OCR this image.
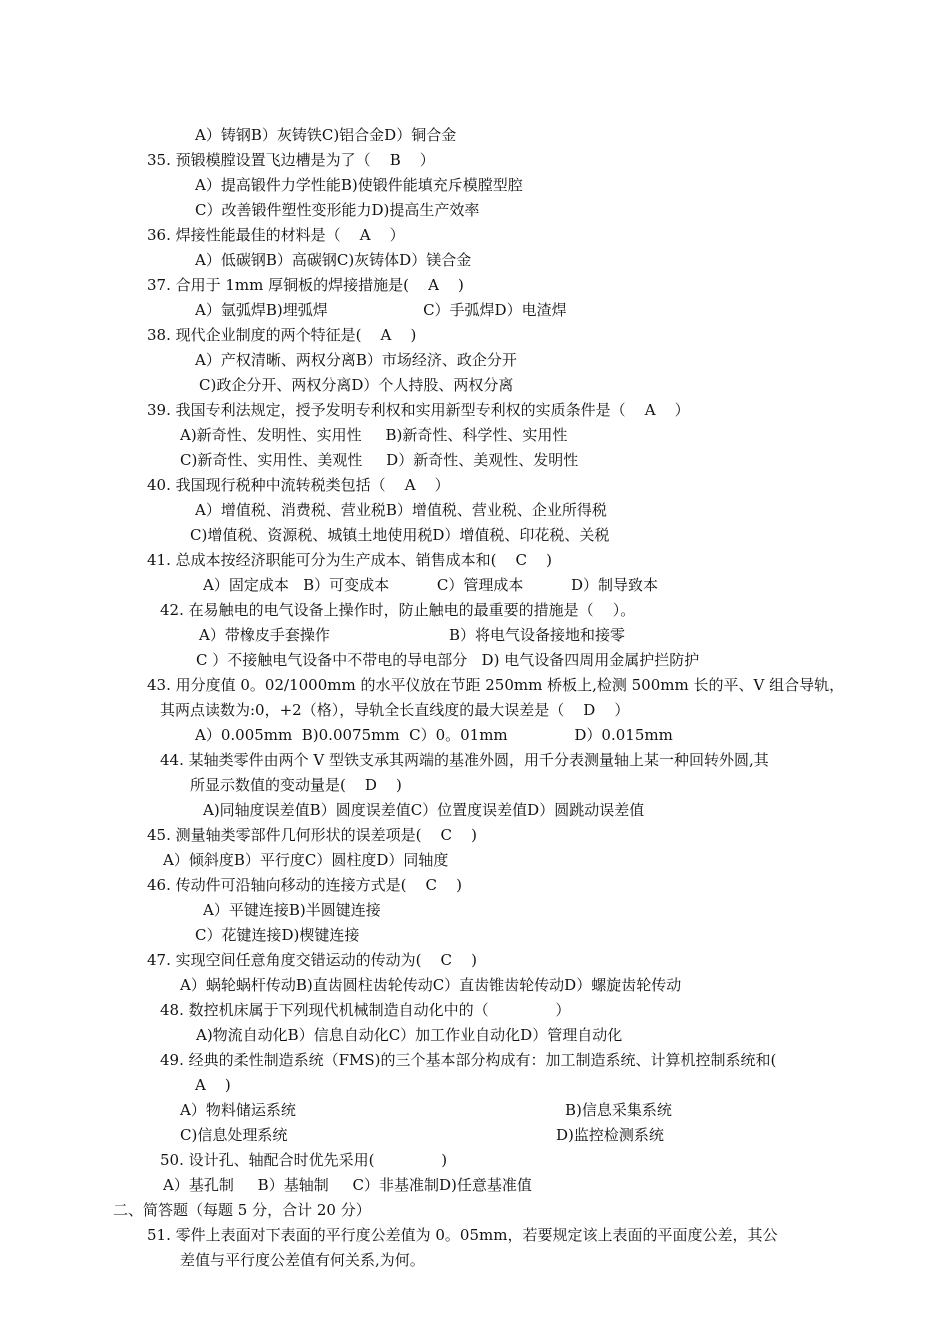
A）铸钢B）灰铸铁C)铝合金D）铜合金
35. 预锻模膛设置飞边槽是为了（    B    ）
A）提高锻件力学性能B)使锻件能填充斥模膛型腔
C）改善锻件塑性变形能力D)提高生产效率
36. 焊接性能最佳的材料是（    A    ）
A）低碳钢B）高碳钢C)灰铸体D）镁合金
37. 合用于 1mm 厚铜板的焊接措施是(    A    )
A）氩弧焊B)埋弧焊                    C）手弧焊D）电渣焊
38. 现代企业制度的两个特征是(    A    )
A）产权清晰、两权分离B）市场经济、政企分开
C)政企分开、两权分离D）个人持股、两权分离
39. 我国专利法规定，授予发明专利权和实用新型专利权的实质条件是（    A    ）
A)新奇性、发明性、实用性     B)新奇性、科学性、实用性
C)新奇性、实用性、美观性     D）新奇性、美观性、发明性
40. 我国现行税种中流转税类包括（    A    ）
A）增值税、消费税、营业税B）增值税、营业税、企业所得税
C)增值税、资源税、城镇土地使用税D）增值税、印花税、关税
41. 总成本按经济职能可分为生产成本、销售成本和(    C    )
A）固定成本   B）可变成本          C）管理成本          D）制导致本
42. 在易触电的电气设备上操作时，防止触电的最重要的措施是（    ）。
A）带橡皮手套操作                         B）将电气设备接地和接零
C ）不接触电气设备中不带电的导电部分   D) 电气设备四周用金属护拦防护
43. 用分度值 0。02/1000mm 的水平仪放在节距 250mm 桥板上,检测 500mm 长的平、V 组合导轨，
其两点读数为:0，+2（格），导轨全长直线度的最大误差是（    D    ）
A）0.005mm  B)0.0075mm  C）0。01mm              D）0.015mm
44. 某轴类零件由两个 V 型铁支承其两端的基准外圆，用千分表测量轴上某一种回转外圆,其
所显示数值的变动量是(    D    )
A)同轴度误差值B）圆度误差值C）位置度误差值D）圆跳动误差值
45. 测量轴类零部件几何形状的误差项是(    C    )
A）倾斜度B）平行度C）圆柱度D）同轴度
46. 传动件可沿轴向移动的连接方式是(    C    )
A）平键连接B)半圆键连接
C）花键连接D)楔键连接
47. 实现空间任意角度交错运动的传动为(    C    )
A）蜗轮蜗杆传动B)直齿圆柱齿轮传动C）直齿锥齿轮传动D）螺旋齿轮传动
48. 数控机床属于下列现代机械制造自动化中的（              ）
A)物流自动化B）信息自动化C）加工作业自动化D）管理自动化
49. 经典的柔性制造系统（FMS)的三个基本部分构成有：加工制造系统、计算机控制系统和(
A    )
A）物料储运系统	B)信息采集系统
C)信息处理系统	D)监控检测系统
50. 设计孔、轴配合时优先采用(              )
A）基孔制     B）基轴制     C）非基准制D)任意基准值
二、简答题（每题 5 分，合计 20 分）
51. 零件上表面对下表面的平行度公差值为 0。05mm，若要规定该上表面的平面度公差，其公
差值与平行度公差值有何关系,为何。
